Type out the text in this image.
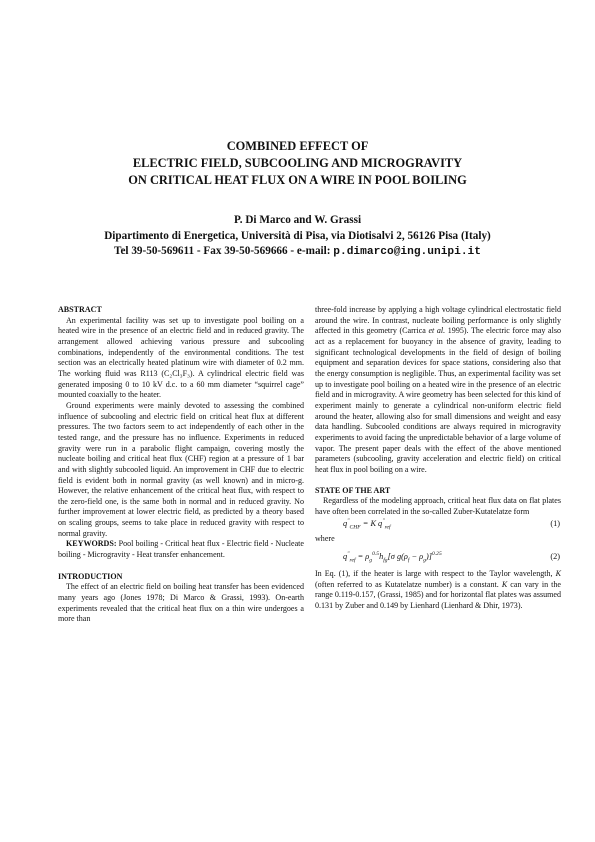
COMBINED EFFECT OF
ELECTRIC FIELD, SUBCOOLING AND MICROGRAVITY
ON CRITICAL HEAT FLUX ON A WIRE IN POOL BOILING
P. Di Marco and W. Grassi
Dipartimento di Energetica, Università di Pisa, via Diotisalvi 2, 56126 Pisa (Italy)
Tel 39-50-569611 - Fax 39-50-569666 - e-mail: p.dimarco@ing.unipi.it
ABSTRACT

An experimental facility was set up to investigate pool boiling on a heated wire in the presence of an electric field and in reduced gravity. The arrangement allowed achieving various pressure and subcooling combinations, independently of the environmental conditions. The test section was an electrically heated platinum wire with diameter of 0.2 mm. The working fluid was R113 (C₂Cl₃F₃). A cylindrical electric field was generated imposing 0 to 10 kV d.c. to a 60 mm diameter “squirrel cage” mounted coaxially to the heater.

Ground experiments were mainly devoted to assessing the combined influence of subcooling and electric field on critical heat flux at different pressures. The two factors seem to act independently of each other in the tested range, and the pressure has no influence. Experiments in reduced gravity were run in a parabolic flight campaign, covering mostly the nucleate boiling and critical heat flux (CHF) region at a pressure of 1 bar and with slightly subcooled liquid. An improvement in CHF due to electric field is evident both in normal gravity (as well known) and in micro-g. However, the relative enhancement of the critical heat flux, with respect to the zero-field one, is the same both in normal and in reduced gravity. No further improvement at lower electric field, as predicted by a theory based on scaling groups, seems to take place in reduced gravity with respect to normal gravity.

KEYWORDS: Pool boiling - Critical heat flux - Electric field - Nucleate boiling - Microgravity - Heat transfer enhancement.

INTRODUCTION

The effect of an electric field on boiling heat transfer has been evidenced many years ago (Jones 1978; Di Marco & Grassi, 1993). On-earth experiments revealed that the critical heat flux on a thin wire undergoes a more than

three-fold increase by applying a high voltage cylindrical electrostatic field around the wire. In contrast, nucleate boiling performance is only slightly affected in this geometry (Carrica et al. 1995). The electric force may also act as a replacement for buoyancy in the absence of gravity, leading to significant technological developments in the field of design of boiling equipment and separation devices for space stations, considering also that the energy consumption is negligible. Thus, an experimental facility was set up to investigate pool boiling on a heated wire in the presence of an electric field and in microgravity. A wire geometry has been selected for this kind of experiment mainly to generate a cylindrical non-uniform electric field around the heater, allowing also for small dimensions and weight and easy data handling. Subcooled conditions are always required in microgravity experiments to avoid facing the unpredictable behavior of a large volume of vapor. The present paper deals with the effect of the above mentioned parameters (subcooling, gravity acceleration and electric field) on critical heat flux in pool boiling on a wire.

STATE OF THE ART

Regardless of the modeling approach, critical heat flux data on flat plates have often been correlated in the so-called Zuber-Kutatelatze form

$q^"_{CHF} = K$ $q^"_{ref}$	(1)

where

$q^"_{ref} = \rho_g^{0.5}h_{fg}[\sigma$ $g(\rho_f - \rho_g)]^{0.25}$	(2)

In Eq. (1), if the heater is large with respect to the Taylor wavelength, K (often referred to as Kutatelatze number) is a constant. K can vary in the range 0.119-0.157, (Grassi, 1985) and for horizontal flat plates was assumed 0.131 by Zuber and 0.149 by Lienhard (Lienhard & Dhir, 1973).
